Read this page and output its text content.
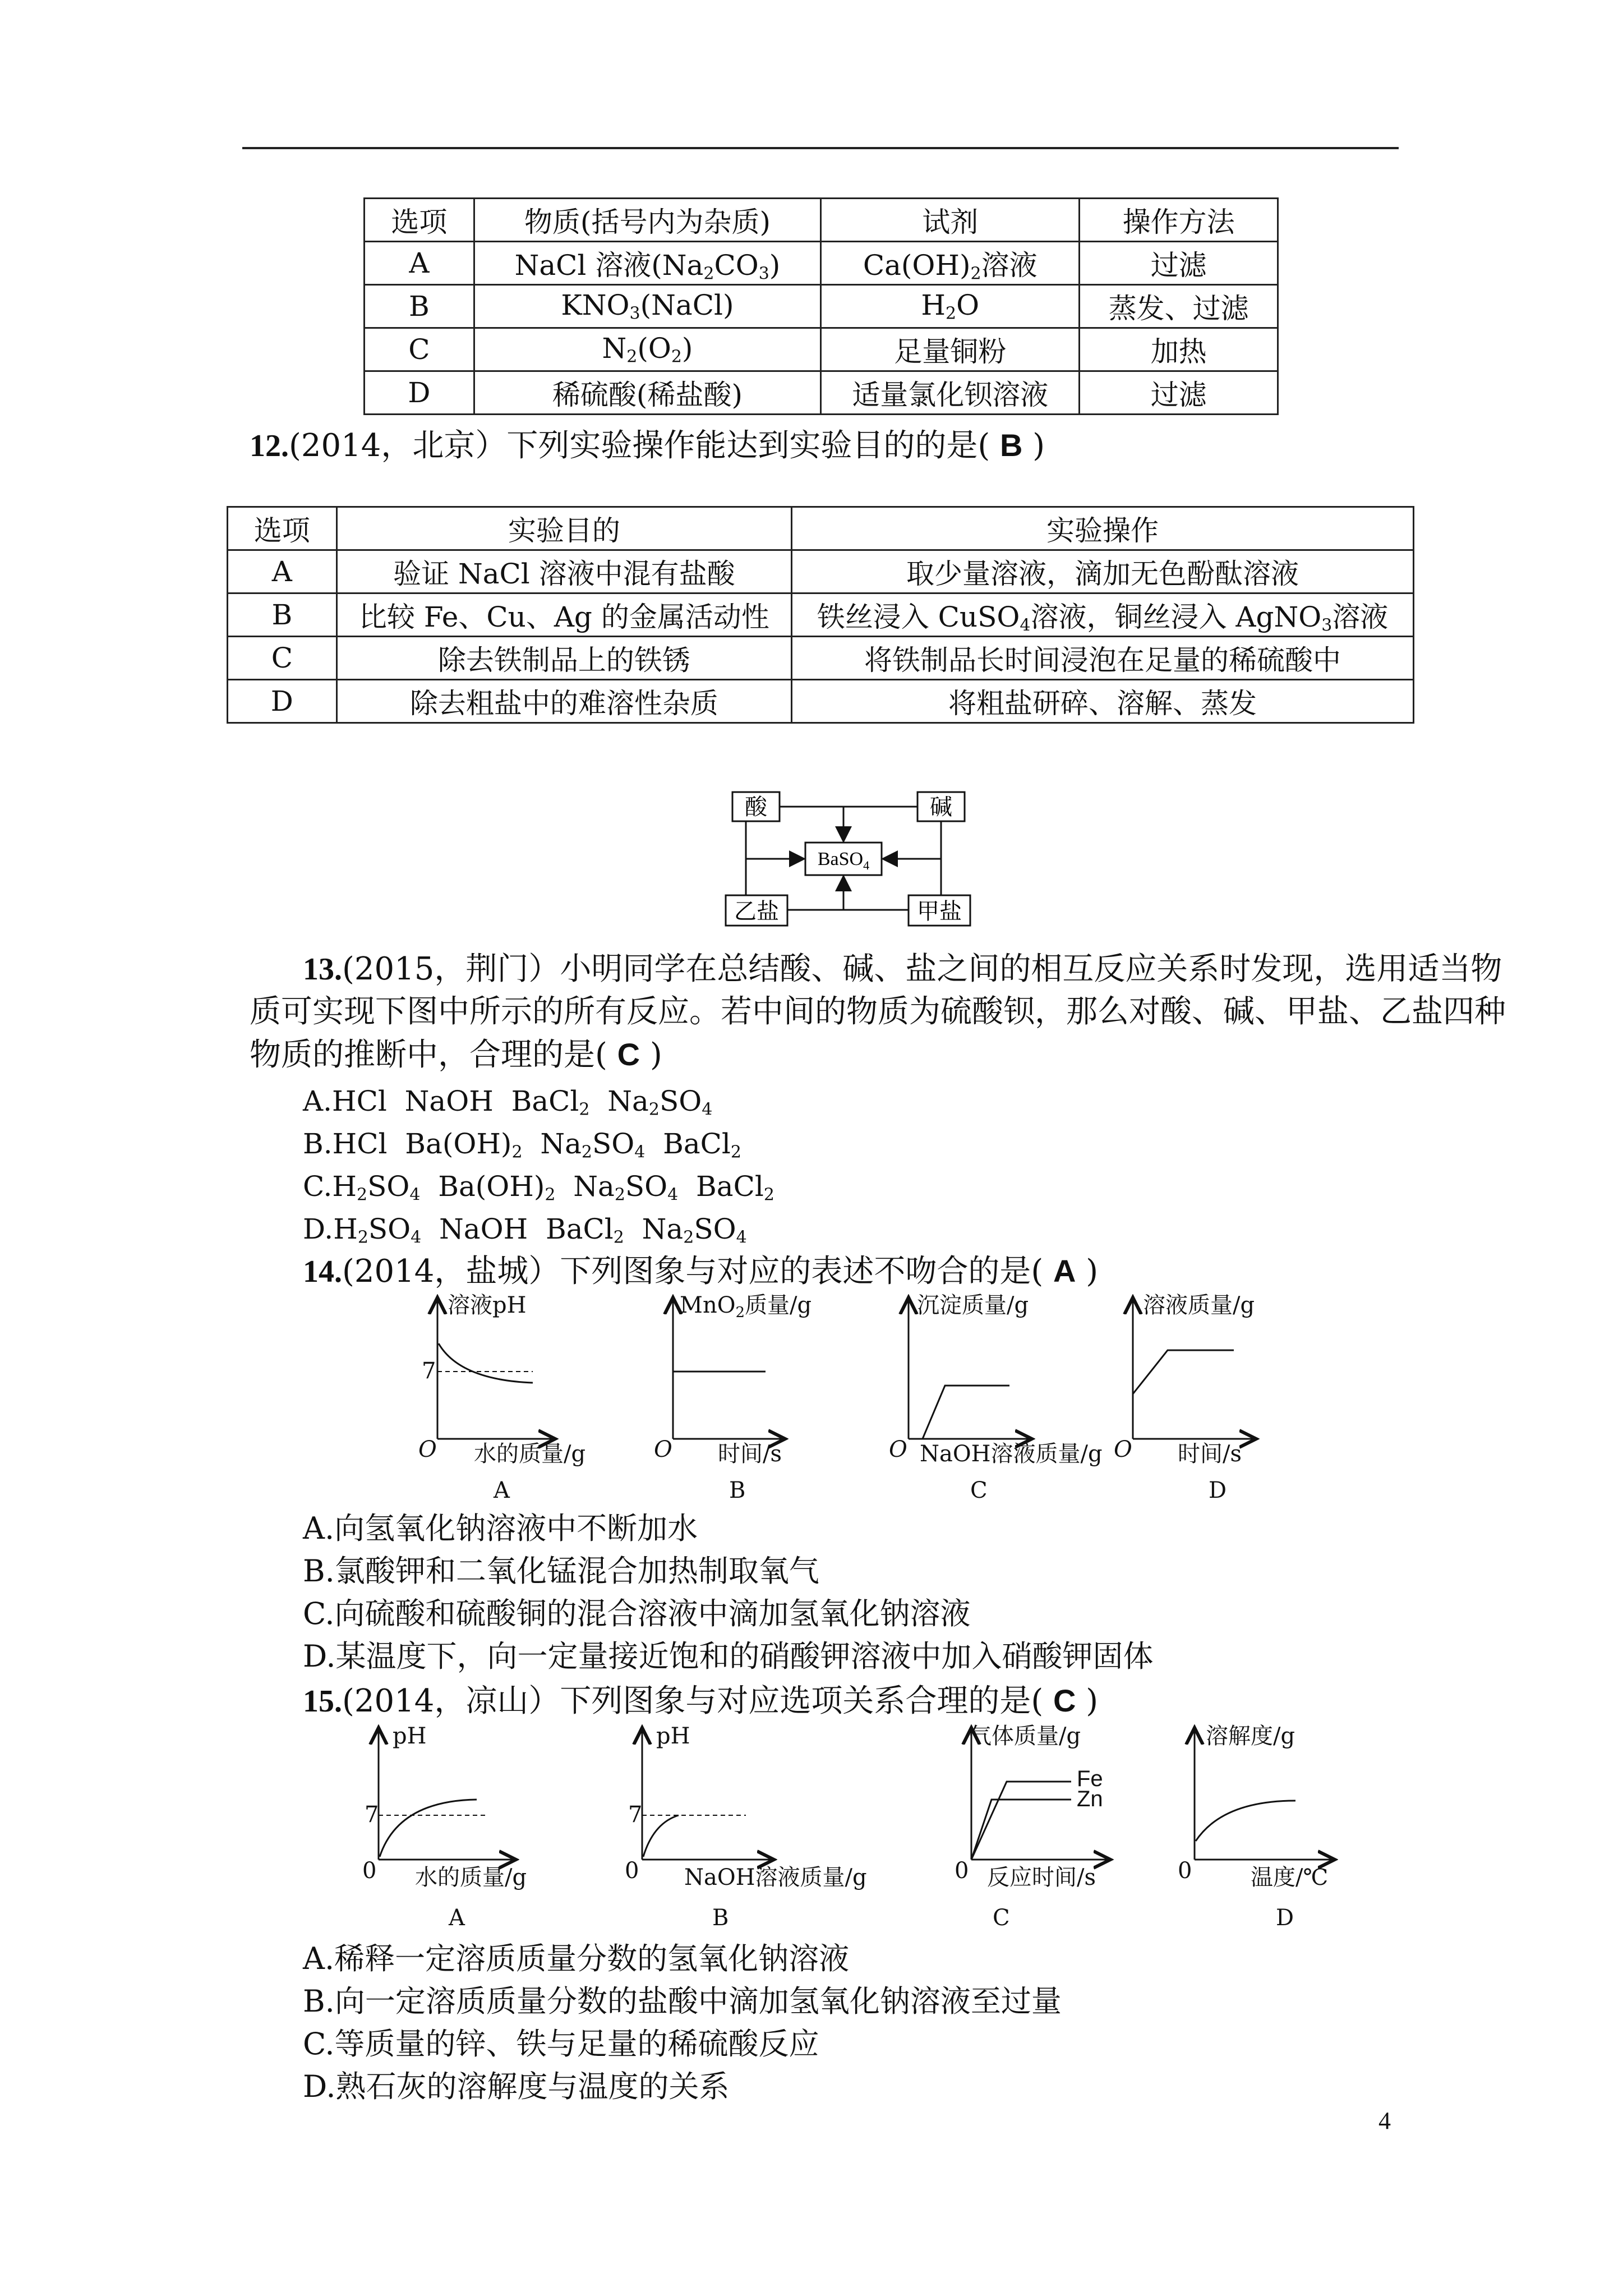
选项	物质(括号内为杂质)	试剂	操作方法
A	NaCl 溶液$(Na_2CO_3)$	$Ca(OH)_2$溶液	过滤
B	$KNO_3(NaCl)$	$H_2O$	蒸发、过滤
C	$N_2(O_2)$	足量铜粉	加热
D	稀硫酸(稀盐酸)	适量氯化钡溶液	过滤
12.(2014，北京）下列实验操作能达到实验目的的是( B )
选项	实验目的	实验操作
A	验证 NaCl 溶液中混有盐酸	取少量溶液，滴加无色酚酞溶液
B	比较 Fe、Cu、Ag 的金属活动性	铁丝浸入 CuSO$_4$溶液，铜丝浸入 AgNO$_3$溶液
C	除去铁制品上的铁锈	将铁制品长时间浸泡在足量的稀硫酸中
D	除去粗盐中的难溶性杂质	将粗盐研碎、溶解、蒸发
酸	碱
BaSO$_4$
乙盐	甲盐
13.(2015，荆门）小明同学在总结酸、碱、盐之间的相互反应关系时发现，选用适当物
质可实现下图中所示的所有反应。若中间的物质为硫酸钡，那么对酸、碱、甲盐、乙盐四种
物质的推断中，合理的是( C )
A.HCl  NaOH  BaCl$_2$  $Na_2SO_4$
B.HCl  $Ba(OH)_2$  $Na_2SO_4$  BaCl$_2$
$C.H_2SO_4$  $Ba(OH)_2$  $Na_2SO_4$  BaCl$_2$
$D.H_2SO_4$  NaOH  BaCl$_2$  $Na_2SO_4$
14.(2014，盐城）下列图象与对应的表述不吻合的是( A )
溶液pH
7
O 水的质量/g
A
MnO$_2$质量/g
O 时间/s
B
沉淀质量/g
O NaOH溶液质量/g
C
溶液质量/g
O 时间/s
D
A.向氢氧化钠溶液中不断加水
B.氯酸钾和二氧化锰混合加热制取氧气
C.向硫酸和硫酸铜的混合溶液中滴加氢氧化钠溶液
D.某温度下，向一定量接近饱和的硝酸钾溶液中加入硝酸钾固体
15.(2014，凉山）下列图象与对应选项关系合理的是( C )
pH
7
0 水的质量/g
A
pH
7
0 NaOH溶液质量/g
B
气体质量/g
Fe
Zn
0 反应时间/s
C
溶解度/g
0	温度/℃
D
A.稀释一定溶质质量分数的氢氧化钠溶液
B.向一定溶质质量分数的盐酸中滴加氢氧化钠溶液至过量
C.等质量的锌、铁与足量的稀硫酸反应
D.熟石灰的溶解度与温度的关系
4
